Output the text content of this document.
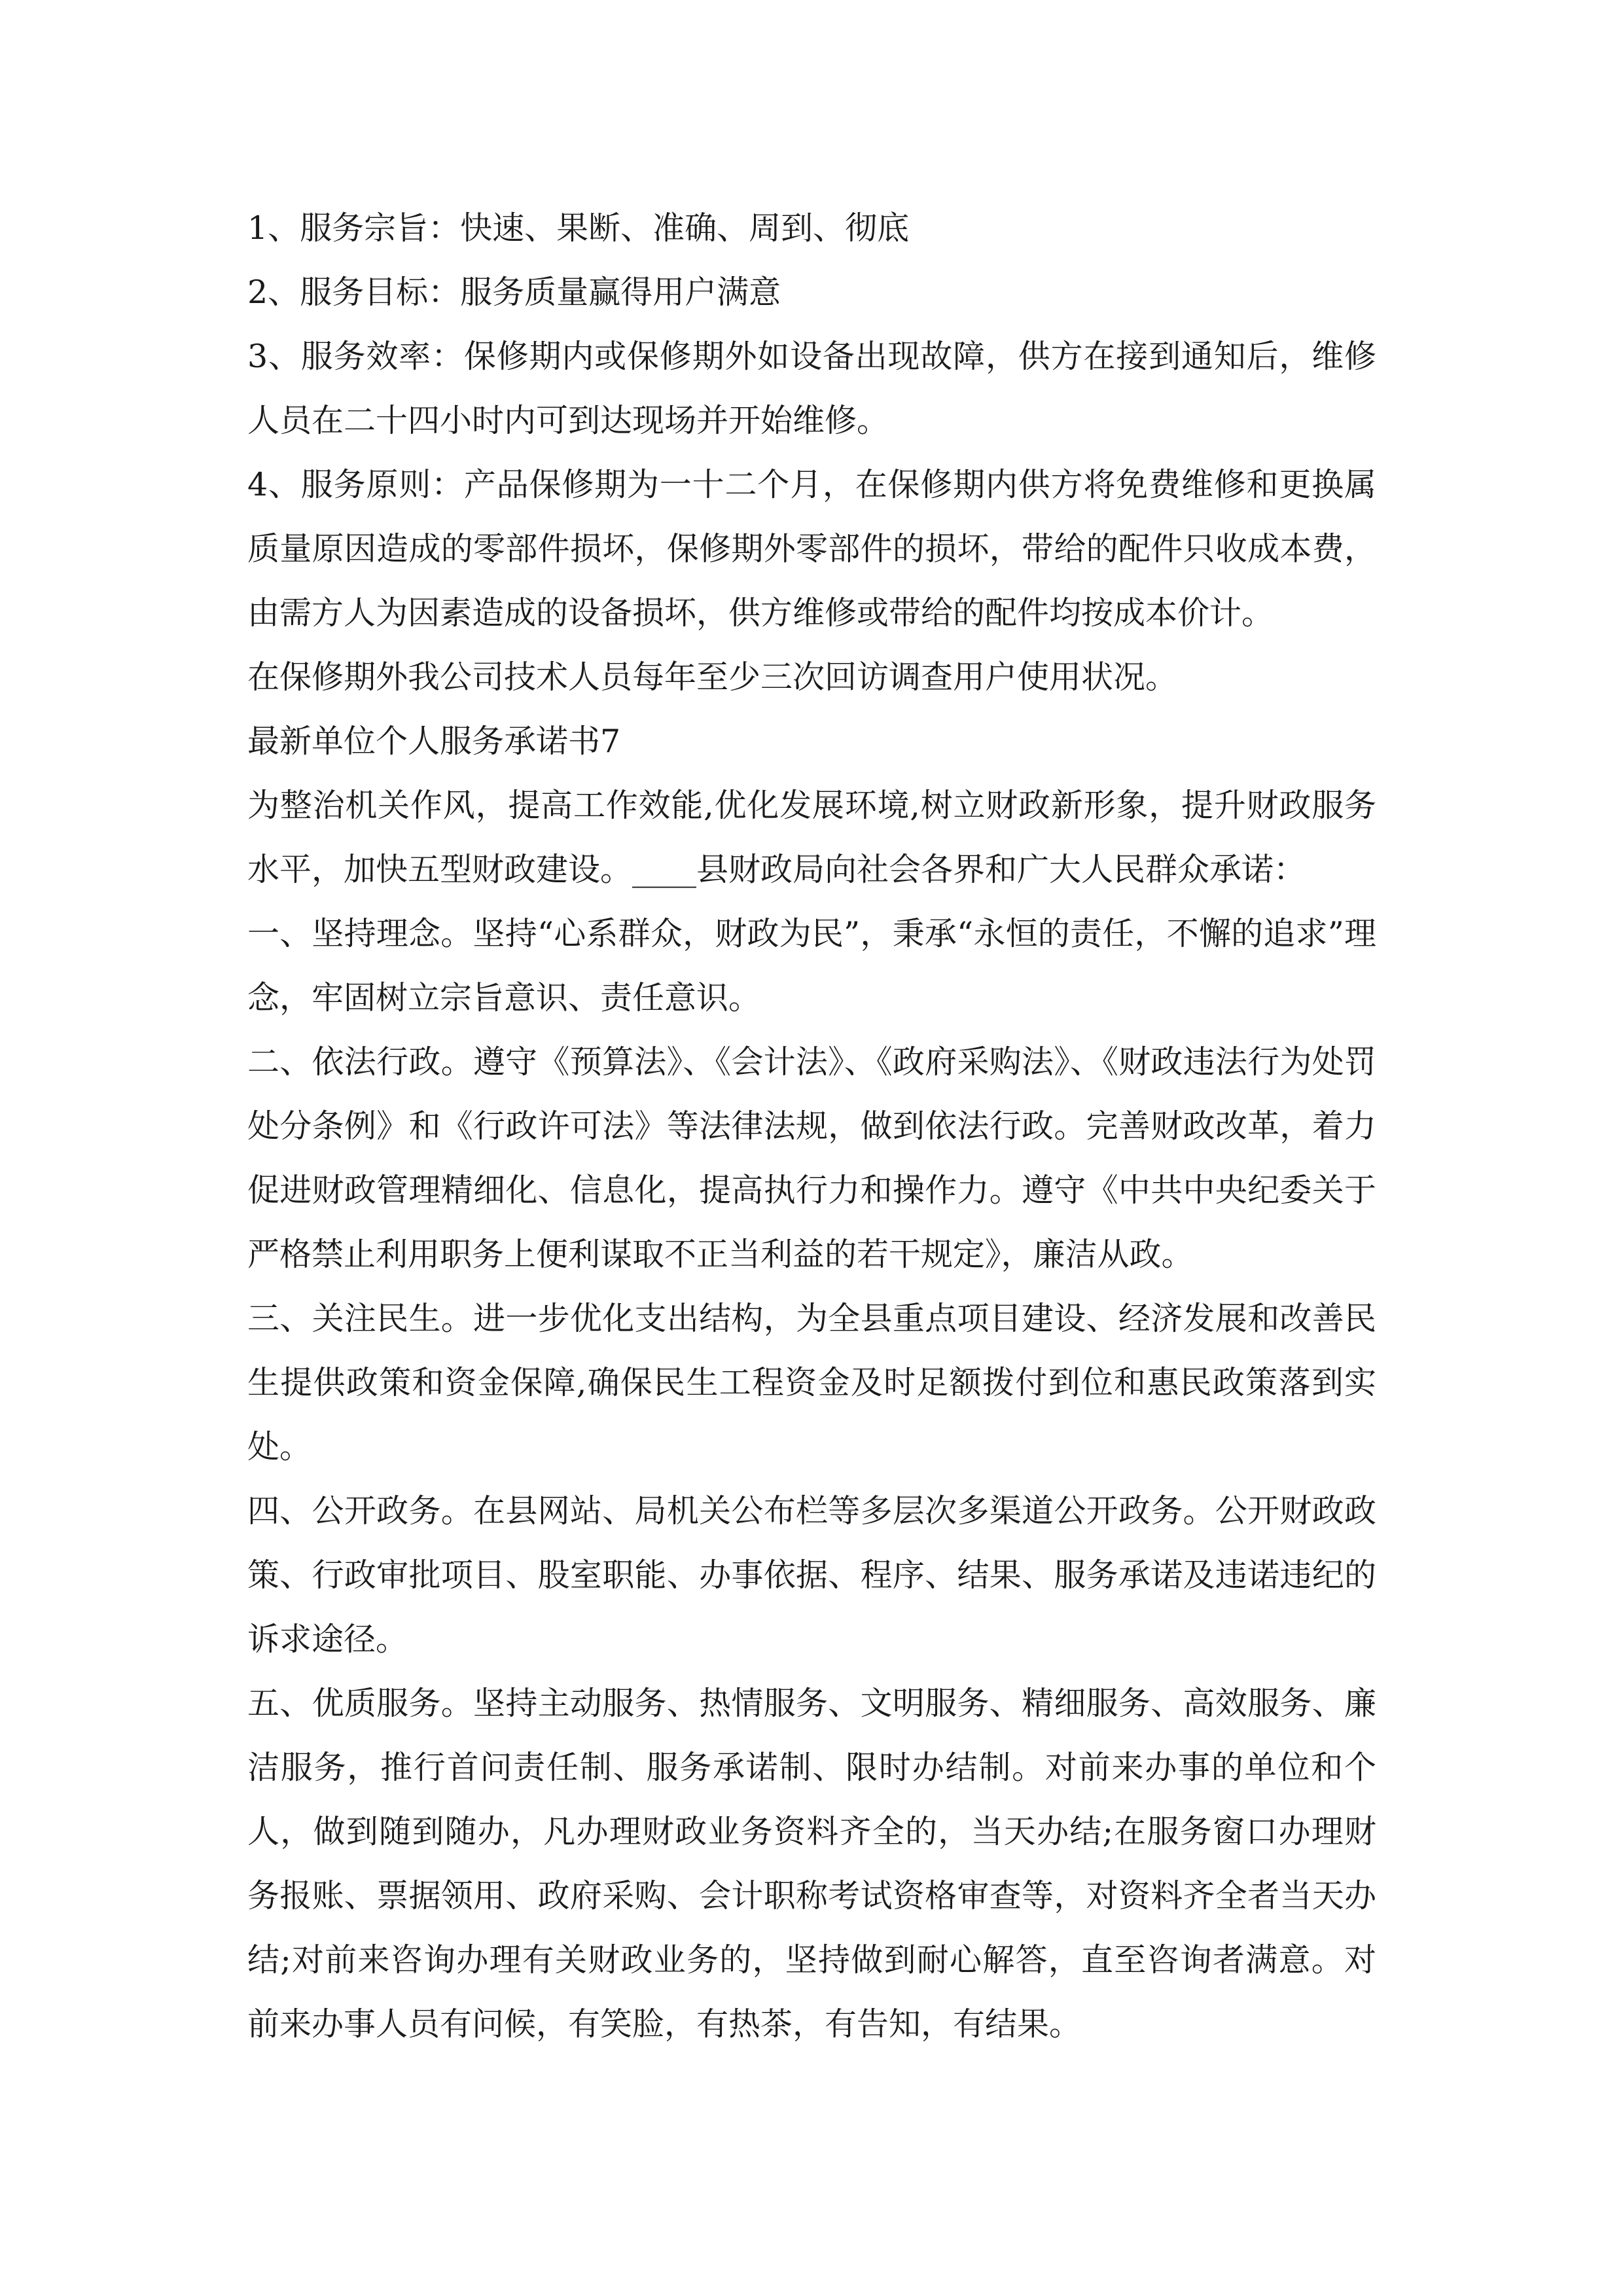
1、服务宗旨：快速、果断、准确、周到、彻底

2、服务目标：服务质量赢得用户满意

3、服务效率：保修期内或保修期外如设备出现故障，供方在接到通知后，维修人员在二十四小时内可到达现场并开始维修。

4、服务原则：产品保修期为一十二个月，在保修期内供方将免费维修和更换属质量原因造成的零部件损坏，保修期外零部件的损坏，带给的配件只收成本费，由需方人为因素造成的设备损坏，供方维修或带给的配件均按成本价计。

在保修期外我公司技术人员每年至少三次回访调查用户使用状况。

最新单位个人服务承诺书7

为整治机关作风，提高工作效能,优化发展环境,树立财政新形象，提升财政服务水平，加快五型财政建设。____县财政局向社会各界和广大人民群众承诺：

一、坚持理念。坚持“心系群众，财政为民”，秉承“永恒的责任，不懈的追求”理念，牢固树立宗旨意识、责任意识。

二、依法行政。遵守《预算法》、《会计法》、《政府采购法》、《财政违法行为处罚处分条例》和《行政许可法》等法律法规，做到依法行政。完善财政改革，着力促进财政管理精细化、信息化，提高执行力和操作力。遵守《中共中央纪委关于严格禁止利用职务上便利谋取不正当利益的若干规定》，廉洁从政。

三、关注民生。进一步优化支出结构，为全县重点项目建设、经济发展和改善民生提供政策和资金保障,确保民生工程资金及时足额拨付到位和惠民政策落到实处。

四、公开政务。在县网站、局机关公布栏等多层次多渠道公开政务。公开财政政策、行政审批项目、股室职能、办事依据、程序、结果、服务承诺及违诺违纪的诉求途径。

五、优质服务。坚持主动服务、热情服务、文明服务、精细服务、高效服务、廉洁服务，推行首问责任制、服务承诺制、限时办结制。对前来办事的单位和个人，做到随到随办，凡办理财政业务资料齐全的，当天办结;在服务窗口办理财务报账、票据领用、政府采购、会计职称考试资格审查等，对资料齐全者当天办结;对前来咨询办理有关财政业务的，坚持做到耐心解答，直至咨询者满意。对前来办事人员有问候，有笑脸，有热茶，有告知，有结果。
